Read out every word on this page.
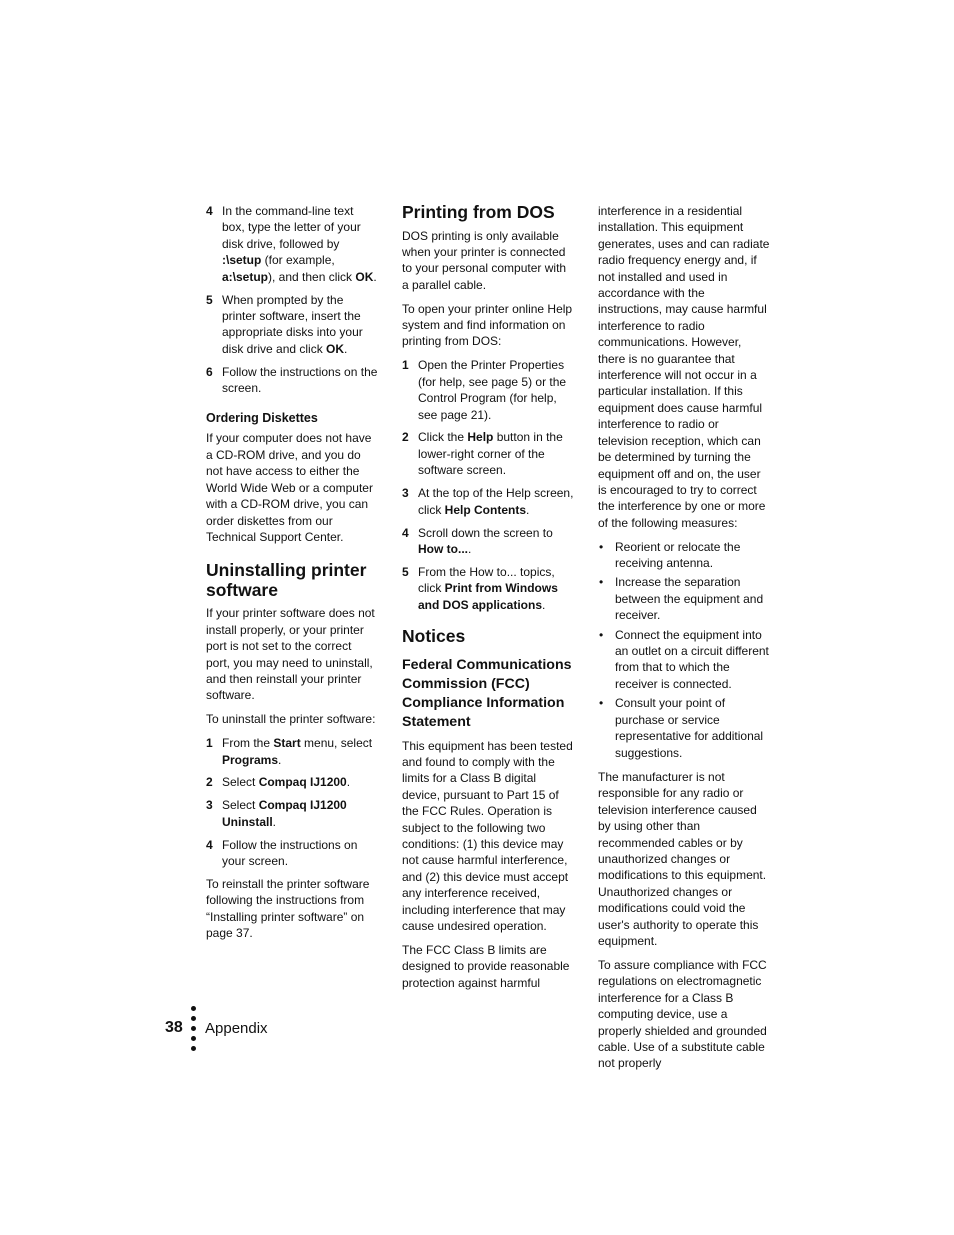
4 In the command-line text box, type the letter of your disk drive, followed by :\setup (for example, a:\setup), and then click OK.
5 When prompted by the printer software, insert the appropriate disks into your disk drive and click OK.
6 Follow the instructions on the screen.
Ordering Diskettes

If your computer does not have a CD-ROM drive, and you do not have access to either the World Wide Web or a computer with a CD-ROM drive, you can order diskettes from our Technical Support Center.

Uninstalling printer software

If your printer software does not install properly, or your printer port is not set to the correct port, you may need to uninstall, and then reinstall your printer software.

To uninstall the printer software:

1 From the Start menu, select Programs.
2 Select Compaq IJ1200.
3 Select Compaq IJ1200 Uninstall.
4 Follow the instructions on your screen.

To reinstall the printer software following the instructions from “Installing printer software” on page 37.

Printing from DOS

DOS printing is only available when your printer is connected to your personal computer with a parallel cable.

To open your printer online Help system and find information on printing from DOS:

1 Open the Printer Properties (for help, see page 5) or the Control Program (for help, see page 21).
2 Click the Help button in the lower-right corner of the software screen.
3 At the top of the Help screen, click Help Contents.
4 Scroll down the screen to How to....
5 From the How to... topics, click Print from Windows and DOS applications.
Notices
Federal Communications Commission (FCC) Compliance Information Statement

This equipment has been tested and found to comply with the limits for a Class B digital device, pursuant to Part 15 of the FCC Rules. Operation is subject to the following two conditions: (1) this device may not cause harmful interference, and (2) this device must accept any interference received, including interference that may cause undesired operation.

The FCC Class B limits are designed to provide reasonable protection against harmful

interference in a residential installation. This equipment generates, uses and can radiate radio frequency energy and, if not installed and used in accordance with the instructions, may cause harmful interference to radio communications. However, there is no guarantee that interference will not occur in a particular installation. If this equipment does cause harmful interference to radio or television reception, which can be determined by turning the equipment off and on, the user is encouraged to try to correct the interference by one or more of the following measures:

• Reorient or relocate the receiving antenna.
• Increase the separation between the equipment and receiver.
• Connect the equipment into an outlet on a circuit different from that to which the receiver is connected.
• Consult your point of purchase or service representative for additional suggestions.

The manufacturer is not responsible for any radio or television interference caused by using other than recommended cables or by unauthorized changes or modifications to this equipment. Unauthorized changes or modifications could void the user's authority to operate this equipment.

To assure compliance with FCC regulations on electromagnetic interference for a Class B computing device, use a properly shielded and grounded cable. Use of a substitute cable not properly

38 Appendix
